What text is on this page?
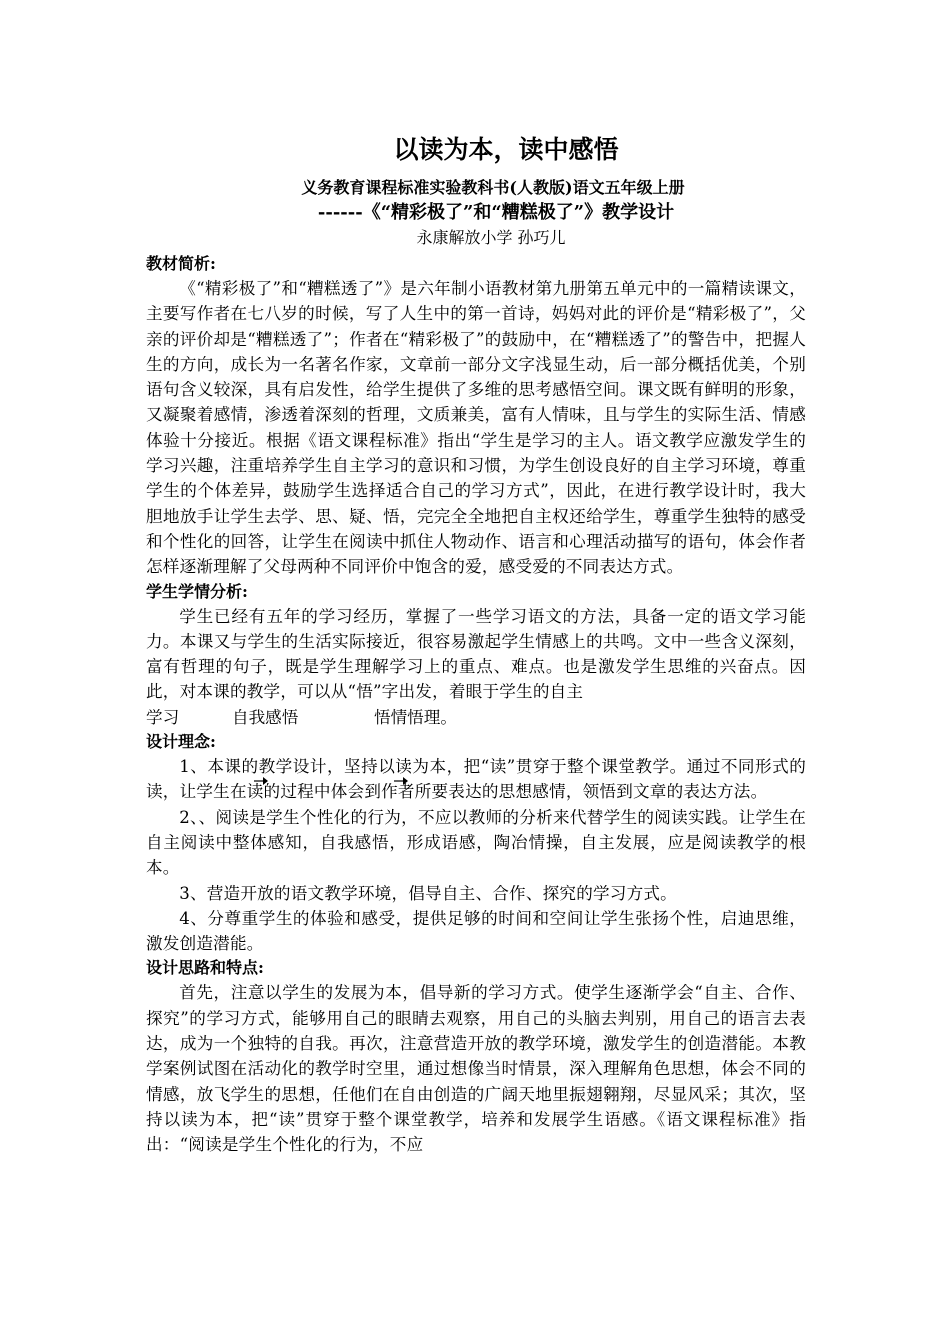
以读为本，读中感悟

义务教育课程标准实验教科书(人教版)语文五年级上册

------《“精彩极了”和“糟糕极了”》教学设计

永康解放小学 孙巧儿

教材简析:

《“精彩极了”和“糟糕透了”》是六年制小语教材第九册第五单元中的一篇精读课文，主要写作者在七八岁的时候，写了人生中的第一首诗，妈妈对此的评价是“精彩极了”，父亲的评价却是“糟糕透了”；作者在“精彩极了”的鼓励中，在“糟糕透了”的警告中，把握人生的方向，成长为一名著名作家，文章前一部分文字浅显生动，后一部分概括优美，个别语句含义较深，具有启发性，给学生提供了多维的思考感悟空间。课文既有鲜明的形象，又凝聚着感情，渗透着深刻的哲理，文质兼美，富有人情味，且与学生的实际生活、情感体验十分接近。根据《语文课程标准》指出“学生是学习的主人。语文教学应激发学生的学习兴趣，注重培养学生自主学习的意识和习惯，为学生创设良好的自主学习环境，尊重学生的个体差异，鼓励学生选择适合自己的学习方式”，因此，在进行教学设计时，我大胆地放手让学生去学、思、疑、悟，完完全全地把自主权还给学生，尊重学生独特的感受和个性化的回答，让学生在阅读中抓住人物动作、语言和心理活动描写的语句，体会作者怎样逐渐理解了父母两种不同评价中饱含的爱，感受爱的不同表达方式。

学生学情分析:

学生已经有五年的学习经历，掌握了一些学习语文的方法，具备一定的语文学习能力。本课又与学生的生活实际接近，很容易激起学生情感上的共鸣。文中一些含义深刻，富有哲理的句子，既是学生理解学习上的重点、难点。也是激发学生思维的兴奋点。因此，对本课的教学，可以从“悟”字出发，着眼于学生的自主

学习	自我感悟	悟情悟理。

设计理念:

1、本课的教学设计，坚持以读为本，把“读”贯穿于整个课堂教学。通过不同形式的读，让学生在读的过程中体会到作者所要表达的思想感情，领悟到文章的表达方法。

2、、阅读是学生个性化的行为，不应以教师的分析来代替学生的阅读实践。让学生在自主阅读中整体感知，自我感悟，形成语感，陶冶情操，自主发展，应是阅读教学的根本。

3、营造开放的语文教学环境，倡导自主、合作、探究的学习方式。

4、分尊重学生的体验和感受，提供足够的时间和空间让学生张扬个性，启迪思维，激发创造潜能。

设计思路和特点:

首先，注意以学生的发展为本，倡导新的学习方式。使学生逐渐学会“自主、合作、探究”的学习方式，能够用自己的眼睛去观察，用自己的头脑去判别，用自己的语言去表达，成为一个独特的自我。再次，注意营造开放的教学环境，激发学生的创造潜能。本教学案例试图在活动化的教学时空里，通过想像当时情景，深入理解角色思想，体会不同的情感，放飞学生的思想，任他们在自由创造的广阔天地里振翅翱翔，尽显风采；其次，坚持以读为本，把“读”贯穿于整个课堂教学，培养和发展学生语感。《语文课程标准》指出：“阅读是学生个性化的行为，不应
